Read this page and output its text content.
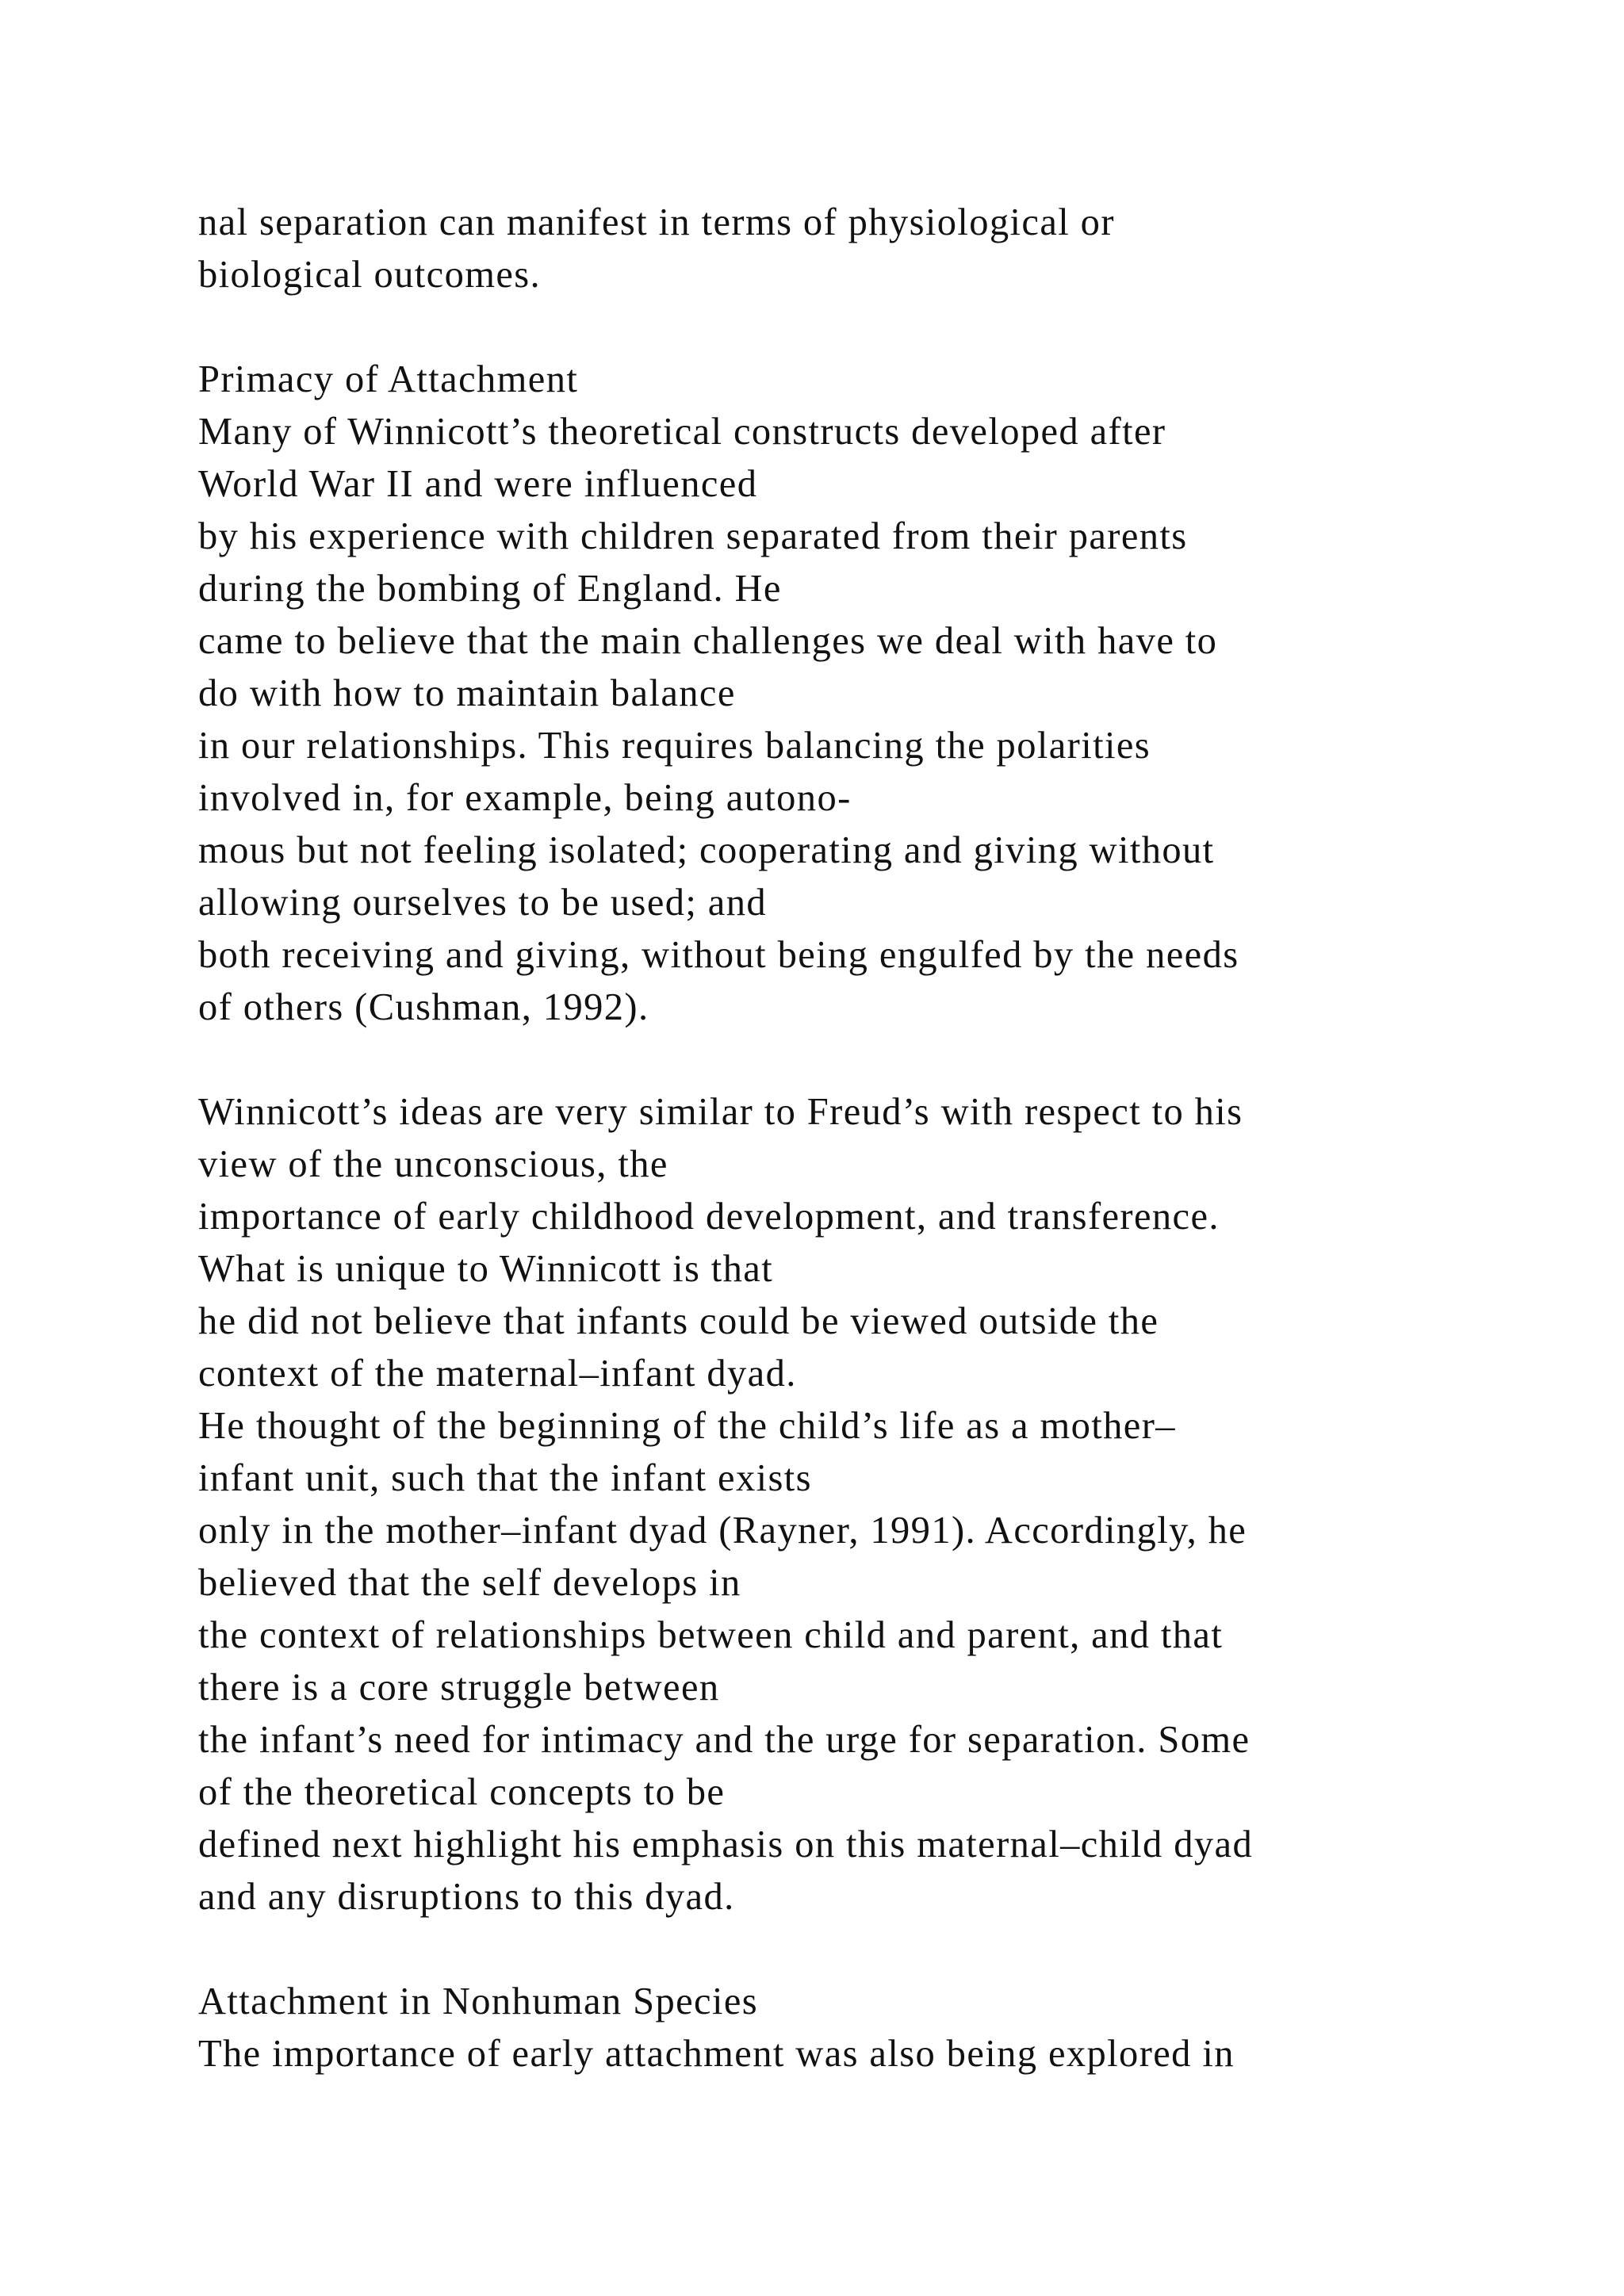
nal separation can manifest in terms of physiological or
biological outcomes.
Primacy of Attachment
Many of Winnicott’s theoretical constructs developed after
World War II and were influenced
by his experience with children separated from their parents
during the bombing of England. He
came to believe that the main challenges we deal with have to
do with how to maintain balance
in our relationships. This requires balancing the polarities
involved in, for example, being autono-
mous but not feeling isolated; cooperating and giving without
allowing ourselves to be used; and
both receiving and giving, without being engulfed by the needs
of others (Cushman, 1992).
Winnicott’s ideas are very similar to Freud’s with respect to his
view of the unconscious, the
importance of early childhood development, and transference.
What is unique to Winnicott is that
he did not believe that infants could be viewed outside the
context of the maternal–infant dyad.
He thought of the beginning of the child’s life as a mother–
infant unit, such that the infant exists
only in the mother–infant dyad (Rayner, 1991). Accordingly, he
believed that the self develops in
the context of relationships between child and parent, and that
there is a core struggle between
the infant’s need for intimacy and the urge for separation. Some
of the theoretical concepts to be
defined next highlight his emphasis on this maternal–child dyad
and any disruptions to this dyad.
Attachment in Nonhuman Species
The importance of early attachment was also being explored in
